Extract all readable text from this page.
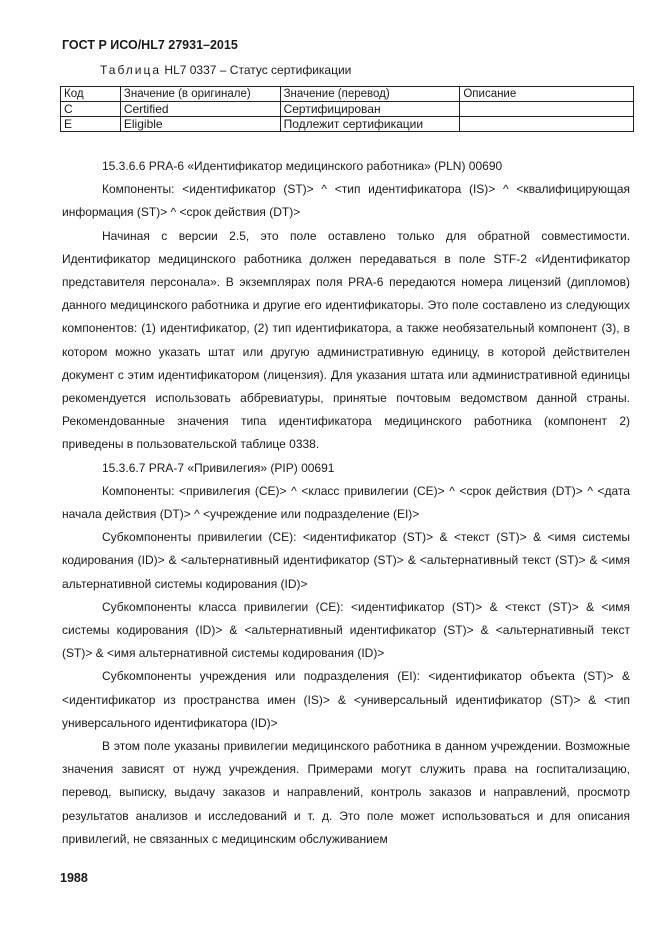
ГОСТ Р ИСО/HL7 27931–2015
Таблица HL7 0337 – Статус сертификации
Код	Значение (в оригинале)	Значение (перевод)	Описание
C	Certified	Сертифицирован	
E	Eligible	Подлежит сертификации	

15.3.6.6 PRA-6 «Идентификатор медицинского работника» (PLN) 00690

Компоненты: <идентификатор (ST)> ^ <тип идентификатора (IS)> ^ <квалифицирующая информация (ST)> ^ <срок действия (DT)>

Начиная с версии 2.5, это поле оставлено только для обратной совместимости. Идентификатор медицинского работника должен передаваться в поле STF-2 «Идентификатор представителя персонала». В экземплярах поля PRA-6 передаются номера лицензий (дипломов) данного медицинского работника и другие его идентификаторы. Это поле составлено из следующих компонентов: (1) идентификатор, (2) тип идентификатора, а также необязательный компонент (3), в котором можно указать штат или другую административную единицу, в которой действителен документ с этим идентификатором (лицензия). Для указания штата или административной единицы рекомендуется использовать аббревиатуры, принятые почтовым ведомством данной страны. Рекомендованные значения типа идентификатора медицинского работника (компонент 2) приведены в пользовательской таблице 0338.

15.3.6.7 PRA-7 «Привилегия» (PIP) 00691

Компоненты: <привилегия (CE)> ^ <класс привилегии (CE)> ^ <срок действия (DT)> ^ <дата начала действия (DT)> ^ <учреждение или подразделение (EI)>

Субкомпоненты привилегии (CE): <идентификатор (ST)> & <текст (ST)> & <имя системы кодирования (ID)> & <альтернативный идентификатор (ST)> & <альтернативный текст (ST)> & <имя альтернативной системы кодирования (ID)>

Субкомпоненты класса привилегии (CE): <идентификатор (ST)> & <текст (ST)> & <имя системы кодирования (ID)> & <альтернативный идентификатор (ST)> & <альтернативный текст (ST)> & <имя альтернативной системы кодирования (ID)>

Субкомпоненты учреждения или подразделения (EI): <идентификатор объекта (ST)> & <идентификатор из пространства имен (IS)> & <универсальный идентификатор (ST)> & <тип универсального идентификатора (ID)>

В этом поле указаны привилегии медицинского работника в данном учреждении. Возможные значения зависят от нужд учреждения. Примерами могут служить права на госпитализацию, перевод, выписку, выдачу заказов и направлений, контроль заказов и направлений, просмотр результатов анализов и исследований и т. д. Это поле может использоваться и для описания привилегий, не связанных с медицинским обслуживанием

1988
